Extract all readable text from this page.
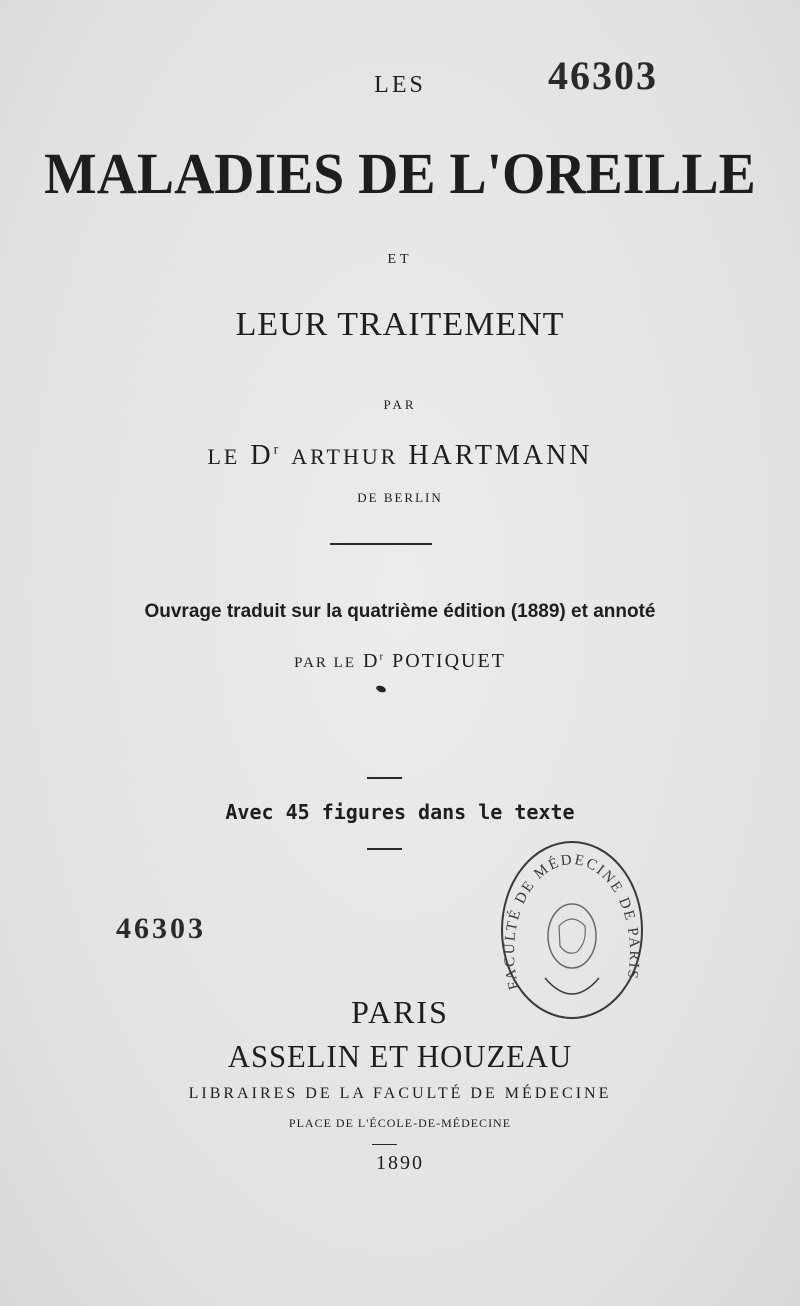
46303
LES
MALADIES DE L'OREILLE
ET
LEUR TRAITEMENT
PAR
LE $D^r$ ARTHUR HARTMANN
DE BERLIN
Ouvrage traduit sur la quatrième édition (1889) et annoté
PAR LE $D^r$ POTIQUET
Avec 45 figures dans le texte
46303
FACULTÉ DE MÉDECINE DE PARIS
PARIS
ASSELIN ET HOUZEAU
LIBRAIRES DE LA FACULTÉ DE MÉDECINE
PLACE DE L'ÉCOLE-DE-MÉDECINE
1890
